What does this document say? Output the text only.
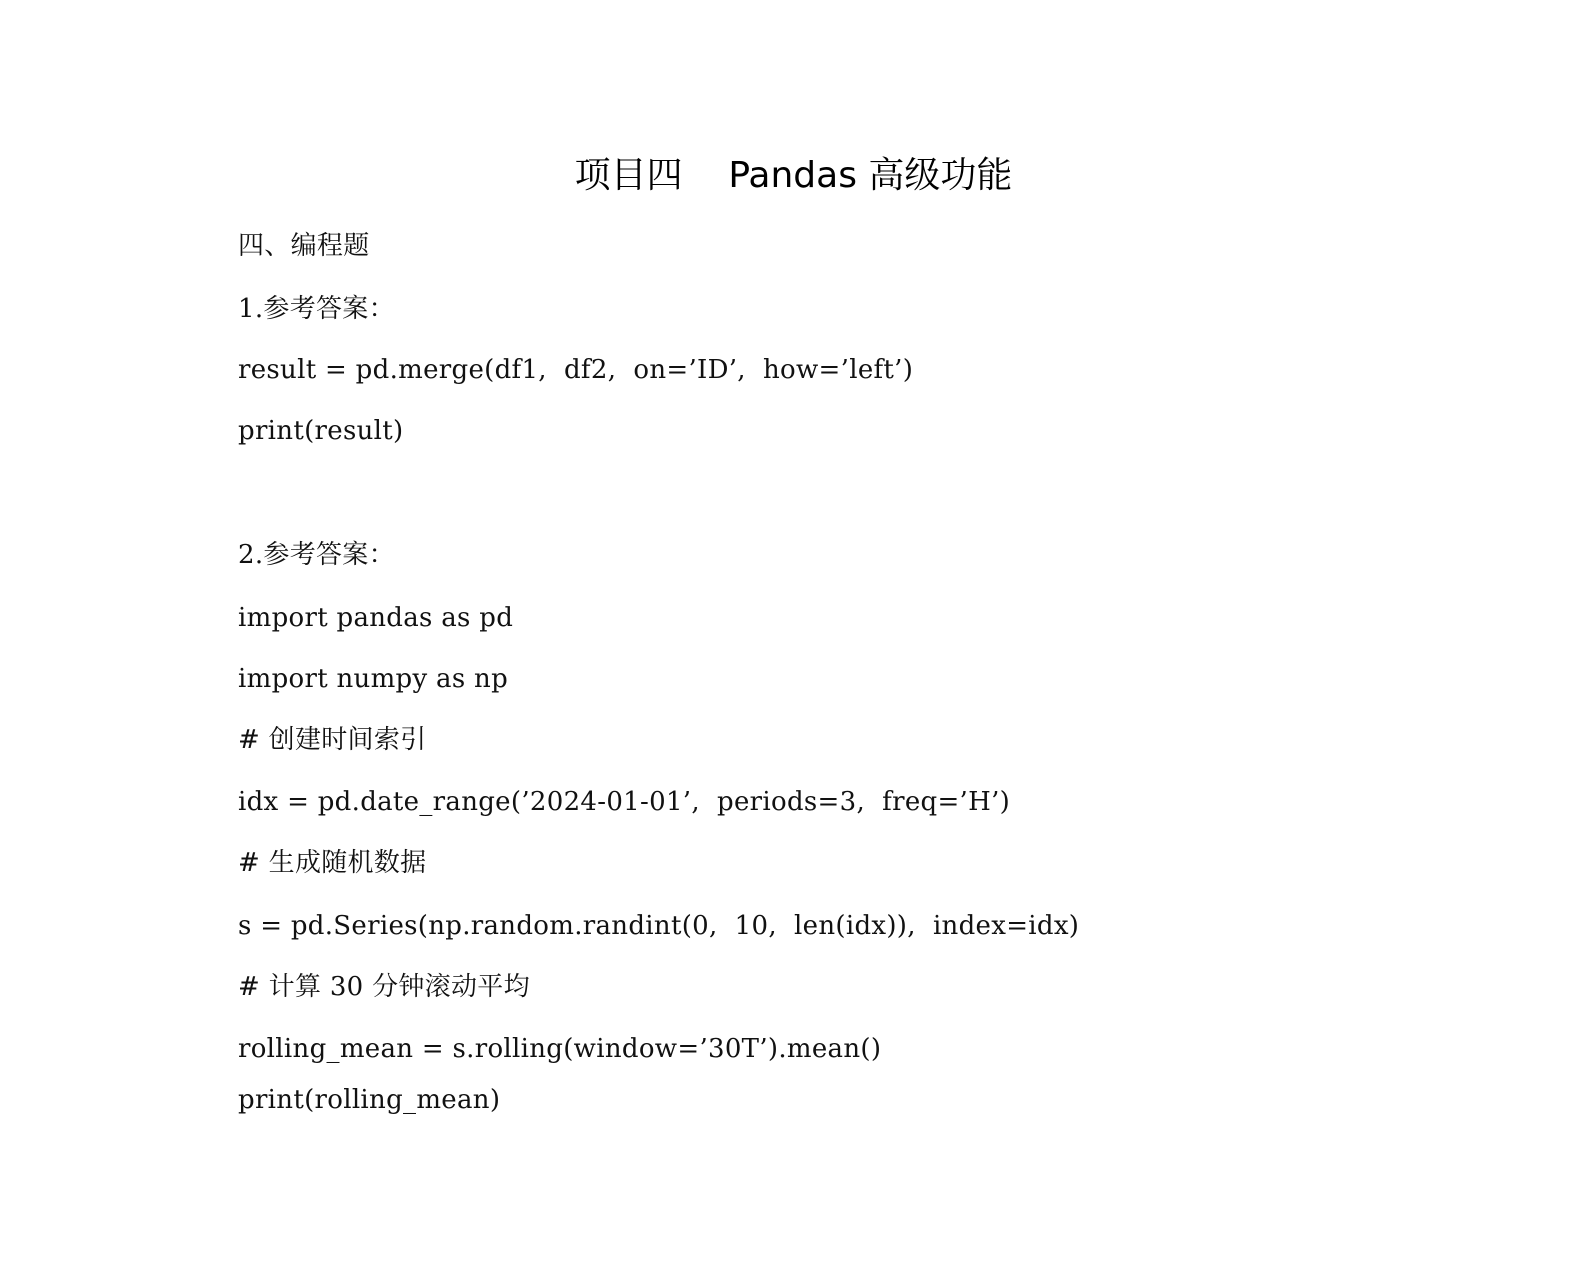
项目四    Pandas 高级功能
四、编程题
1.参考答案：
result = pd.merge(df1,  df2,  on=’ID’,  how=’left’)
print(result)
2.参考答案：
import pandas as pd
import numpy as np
# 创建时间索引
idx = pd.date_range(’2024-01-01’,  periods=3,  freq=’H’)
# 生成随机数据
s = pd.Series(np.random.randint(0,  10,  len(idx)),  index=idx)
# 计算 30 分钟滚动平均
rolling_mean = s.rolling(window=’30T’).mean()
print(rolling_mean)
